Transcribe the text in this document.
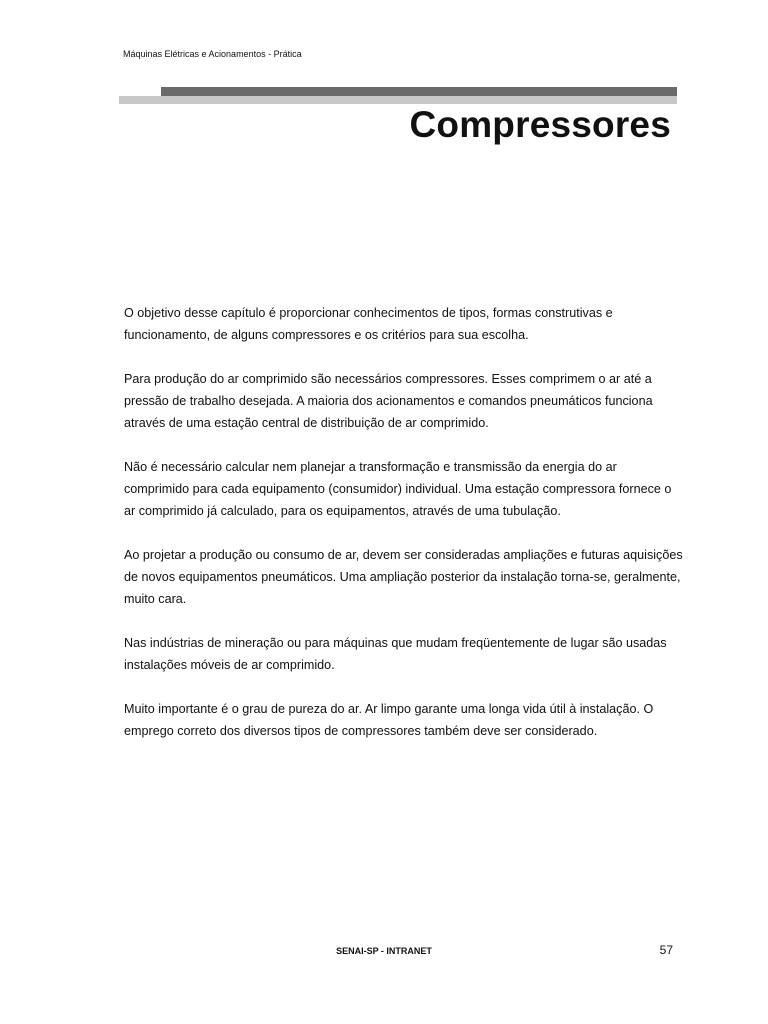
Máquinas Elétricas e Acionamentos - Prática
Compressores

O objetivo desse capítulo é proporcionar conhecimentos de tipos, formas construtivas e funcionamento, de alguns compressores e os critérios para sua escolha.

Para produção do ar comprimido são necessários compressores. Esses comprimem o ar até a pressão de trabalho desejada. A maioria dos acionamentos e comandos pneumáticos funciona através de uma estação central de distribuição de ar comprimido.

Não é necessário calcular nem planejar a transformação e transmissão da energia do ar comprimido para cada equipamento (consumidor) individual. Uma estação compressora fornece o ar comprimido já calculado, para os equipamentos, através de uma tubulação.

Ao projetar a produção ou consumo de ar, devem ser consideradas ampliações e futuras aquisições de novos equipamentos pneumáticos. Uma ampliação posterior da instalação torna-se, geralmente, muito cara.

Nas indústrias de mineração ou para máquinas que mudam freqüentemente de lugar são usadas instalações móveis de ar comprimido.

Muito importante é o grau de pureza do ar. Ar limpo garante uma longa vida útil à instalação. O emprego correto dos diversos tipos de compressores também deve ser considerado.

SENAI-SP - INTRANET	57
